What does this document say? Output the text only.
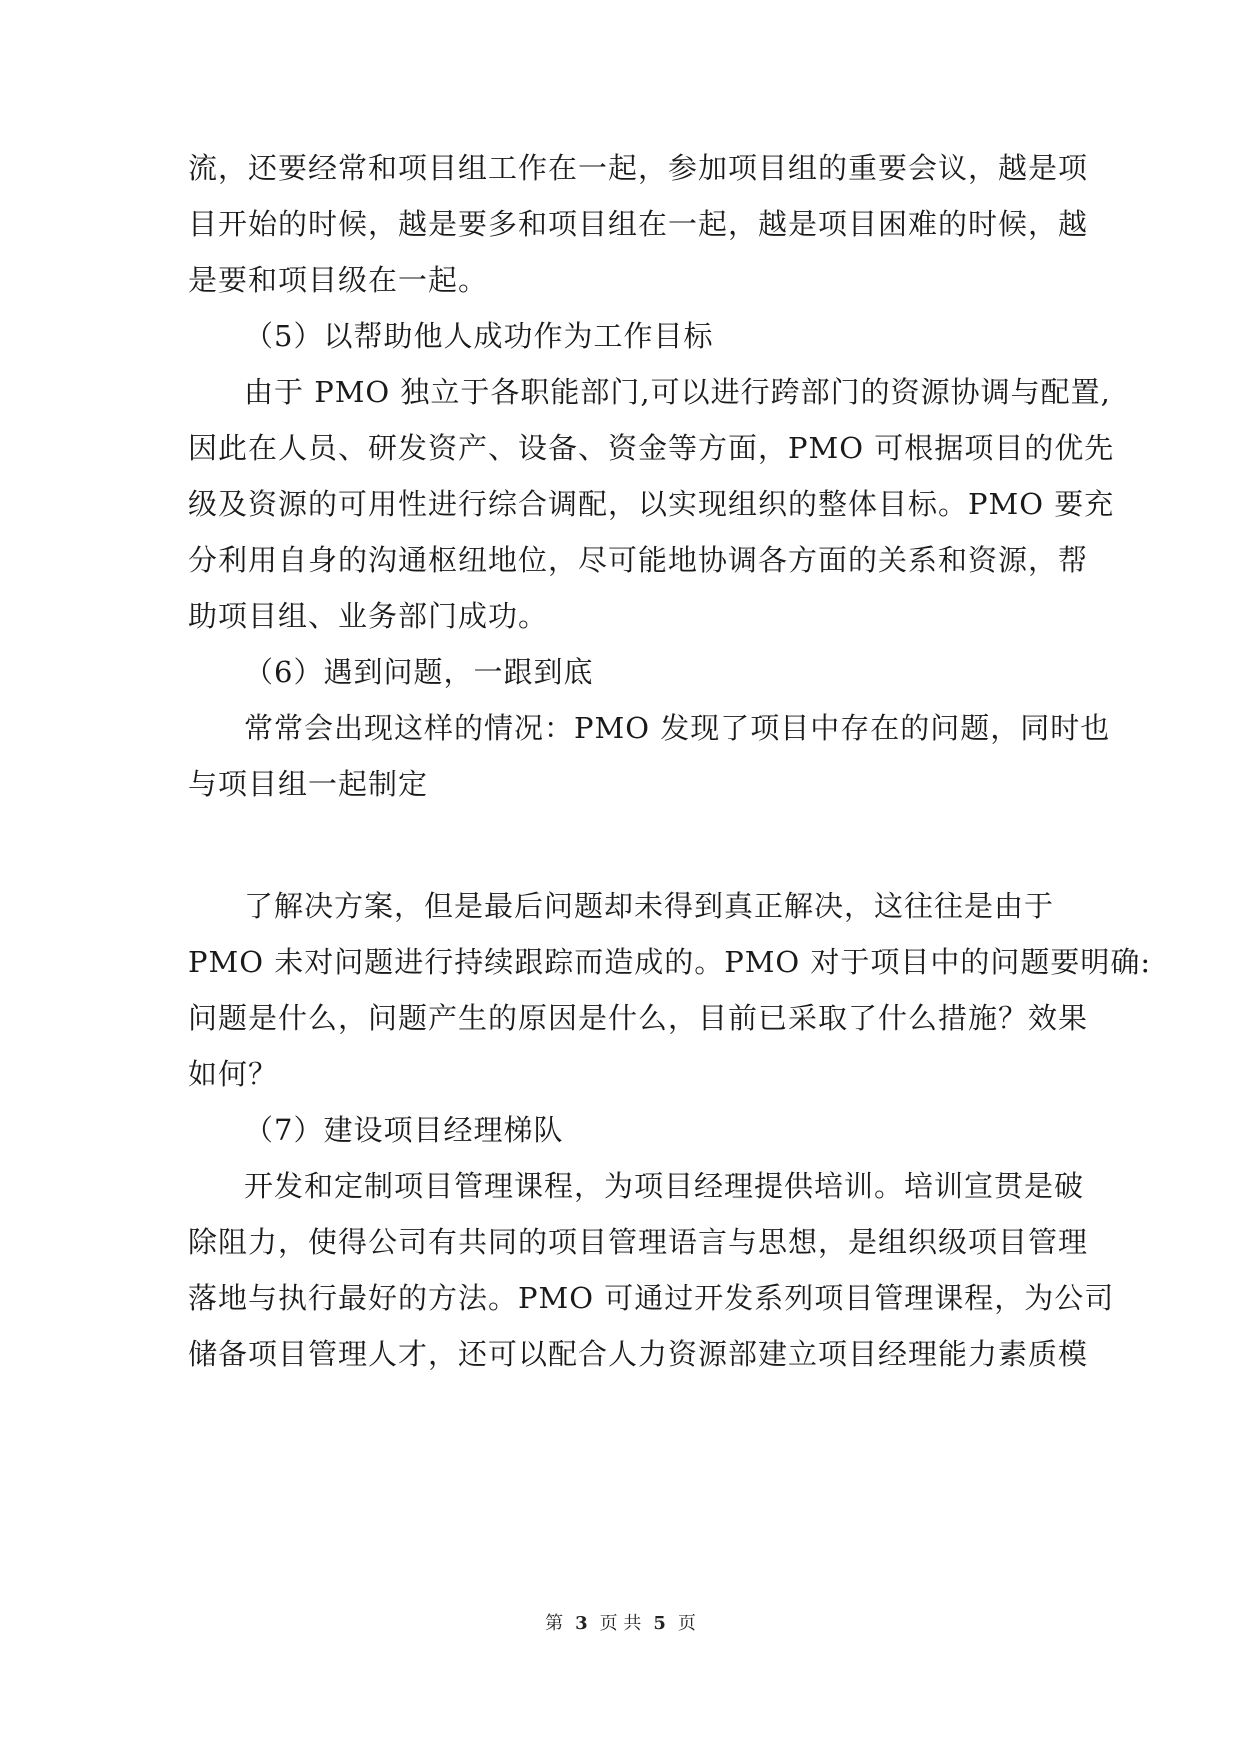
流，还要经常和项目组工作在一起，参加项目组的重要会议，越是项
目开始的时候，越是要多和项目组在一起，越是项目困难的时候，越
是要和项目级在一起。
（5）以帮助他人成功作为工作目标
由于 PMO 独立于各职能部门,可以进行跨部门的资源协调与配置,
因此在人员、研发资产、设备、资金等方面，PMO 可根据项目的优先
级及资源的可用性进行综合调配，以实现组织的整体目标。PMO 要充
分利用自身的沟通枢纽地位，尽可能地协调各方面的关系和资源，帮
助项目组、业务部门成功。
（6）遇到问题，一跟到底
常常会出现这样的情况：PMO 发现了项目中存在的问题，同时也
与项目组一起制定
了解决方案，但是最后问题却未得到真正解决，这往往是由于
PMO 未对问题进行持续跟踪而造成的。PMO 对于项目中的问题要明确:
问题是什么，问题产生的原因是什么，目前已采取了什么措施？效果
如何？
（7）建设项目经理梯队
开发和定制项目管理课程，为项目经理提供培训。培训宣贯是破
除阻力，使得公司有共同的项目管理语言与思想，是组织级项目管理
落地与执行最好的方法。PMO 可通过开发系列项目管理课程，为公司
储备项目管理人才，还可以配合人力资源部建立项目经理能力素质模
第 3 页 共 5 页
